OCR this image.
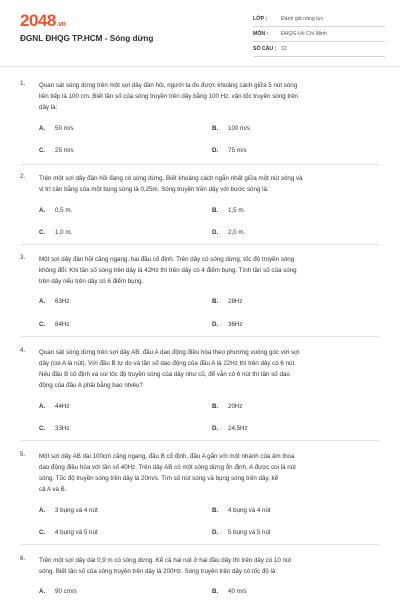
2048.vn
ĐGNL ĐHQG TP.HCM - Sóng dừng
LỚP :	Đánh giá năng lực
MÔN :	ĐHQG Hồ Chí Minh
SỐ CÂU : 12
1. Quan sát sóng dừng trên một sợi dây đàn hồi, người ta đo được khoảng cách giữa 5 nút sóng
liên tiếp là 100 cm. Biết tần số của sóng truyền trên dây bằng 100 Hz, vận tốc truyền sóng trên
dây là:
A. 50 m/s	B. 100 m/s
C. 25 m/s	D. 75 m/s
2. Trên một sợi dây đàn hồi đang có sóng dừng. Biết khoảng cách ngắn nhất giữa một nút sóng và
vị trí cân bằng của một bụng sóng là 0,25m. Sóng truyền trên dây với bước sóng là:
A. 0,5 m.	B. 1,5 m.
C. 1,0 m.	D. 2,0 m.
3. Một sợi dây đàn hồi căng ngang, hai đầu cố định. Trên dây có sóng dừng, tốc độ truyền sóng
không đổi. Khi tần số sóng trên dây là 42Hz thì trên dây có 4 điểm bụng. Tính tần số của sóng
trên dây nếu trên dây có 6 điểm bụng.
A. 63Hz	B. 28Hz
C. 84Hz	D. 36Hz
4. Quan sát sóng dừng trên sợi dây AB, đầu A dao động điều hòa theo phương vuông góc với sợi
dây (coi A là nút). Với đầu B tự do và tần số dao động của đầu A là 22Hz thì trên dây có 6 nút.
Nếu đầu B cố định và coi tốc độ truyền sóng của dây như cũ, để vẫn có 6 nút thì tần số dao
động của đầu A phải bằng bao nhiêu?
A. 44Hz	B. 20Hz
C. 33Hz	D. 24,5Hz
5. Một sợi dây AB dài 100cm căng ngang, đầu B cố định, đầu A gắn với một nhánh của âm thoa
dao động điều hòa với tần số 40Hz. Trên dây AB có một sóng dừng ổn định, A được coi là nút
sóng. Tốc độ truyền sóng trên dây là 20m/s. Tìm số nút sóng và bụng sóng trên dây, kể
cả A và B.
A. 3 bụng và 4 nút	B. 4 bụng và 4 nút
C. 4 bụng và 5 nút	D. 5 bụng và 5 nút
6. Trên một sợi dây dài 0,9 m có sóng dừng. Kể cả hai nút ở hai đầu dây thì trên dây có 10 nút
sóng. Biết tần số của sóng truyền trên dây là 200Hz. Sóng truyền trên dây có tốc độ là
A. 90 cm/s	B. 40 m/s
